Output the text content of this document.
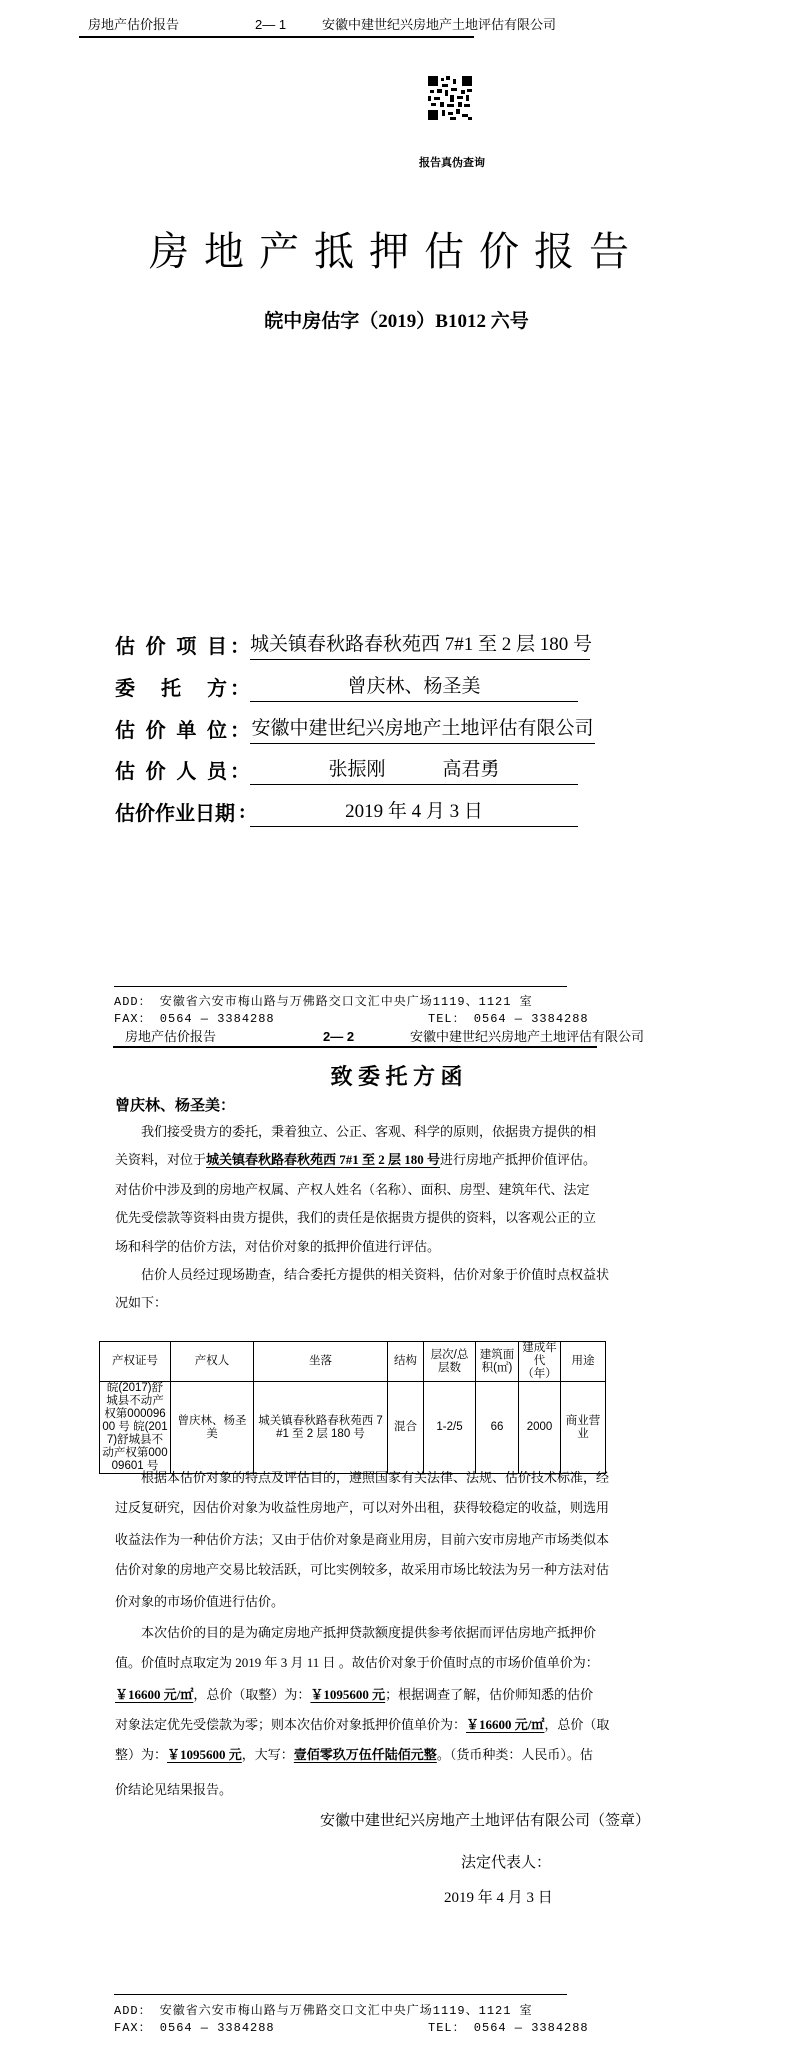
房地产估价报告	2— 1	安徽中建世纪兴房地产土地评估有限公司
报告真伪查询
房地产抵押估价报告
皖中房估字（2019）B1012 六号
估价项目 ： 城关镇春秋路春秋苑西 7#1 至 2 层 180 号
委托方 ：	曾庆林、杨圣美
估价单位 ： 安徽中建世纪兴房地产土地评估有限公司
估价人员 ：	张振刚            高君勇
估价作业日期 :	2019 年 4 月 3 日
ADD： 安徽省六安市梅山路与万佛路交口文汇中央广场1119、1121 室
FAX： 0564 — 3384288	TEL： 0564 — 3384288
房地产估价报告	2— 2	安徽中建世纪兴房地产土地评估有限公司
致 委 托 方 函
曾庆林、杨圣美：
我们接受贵方的委托，秉着独立、公正、客观、科学的原则，依据贵方提供的相
关资料，对位于城关镇春秋路春秋苑西 7#1 至 2 层 180 号进行房地产抵押价值评估。
对估价中涉及到的房地产权属、产权人姓名（名称）、面积、房型、建筑年代、法定
优先受偿款等资料由贵方提供，我们的责任是依据贵方提供的资料，以客观公正的立
场和科学的估价方法，对估价对象的抵押价值进行评估。
估价人员经过现场勘查，结合委托方提供的相关资料，估价对象于价值时点权益状
况如下：
产权证号	产权人	坐落	结构	层次/总层数	建筑面积(㎡)	建成年代（年）	用途
皖(2017)舒城县不动产权第00009600 号 皖(2017)舒城县不动产权第00009601 号	曾庆林、杨圣美	城关镇春秋路春秋苑西 7#1 至 2 层 180 号	混合	1-2/5	66	2000	商业营业
根据本估价对象的特点及评估目的，遵照国家有关法律、法规、估价技术标准，经
过反复研究，因估价对象为收益性房地产，可以对外出租，获得较稳定的收益，则选用
收益法作为一种估价方法；又由于估价对象是商业用房，目前六安市房地产市场类似本
估价对象的房地产交易比较活跃，可比实例较多，故采用市场比较法为另一种方法对估
价对象的市场价值进行估价。
本次估价的目的是为确定房地产抵押贷款额度提供参考依据而评估房地产抵押价
值。价值时点取定为 2019 年 3 月 11 日 。故估价对象于价值时点的市场价值单价为：
￥16600 元/㎡，总价（取整）为：￥1095600 元；根据调查了解，估价师知悉的估价
对象法定优先受偿款为零；则本次估价对象抵押价值单价为：￥16600 元/㎡，总价（取
整）为：￥1095600 元，大写：壹佰零玖万伍仟陆佰元整。（货币种类：人民币）。估
价结论见结果报告。
安徽中建世纪兴房地产土地评估有限公司（签章）
法定代表人：
2019 年 4 月 3 日
ADD： 安徽省六安市梅山路与万佛路交口文汇中央广场1119、1121 室
FAX： 0564 — 3384288	TEL： 0564 — 3384288
